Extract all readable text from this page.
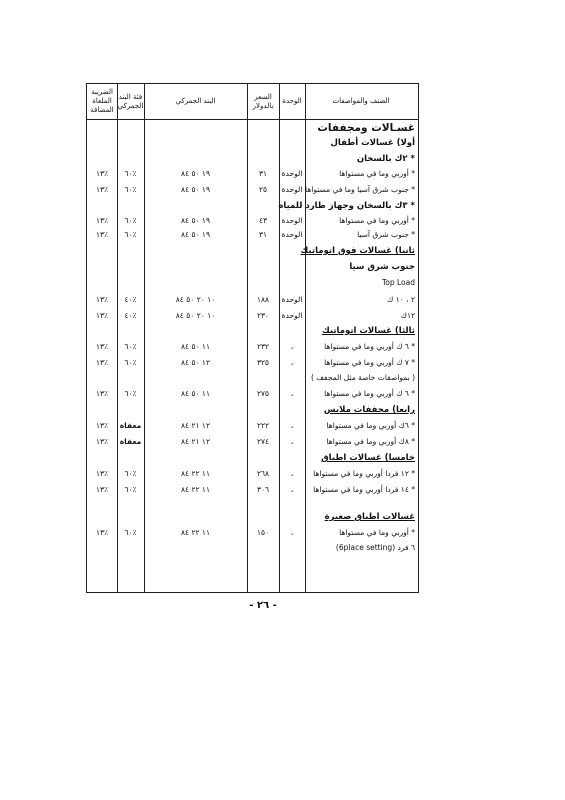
الضريبة الملغاة المضافة
فئة البند الجمركي
البند الجمركي
السعر بالدولار
الوحدة	الصنف والمواصفات
غسـالات ومجففات
أولا) غسالات أطفال
* ٢ك بالسخان
* أوربي وما في مستواها
الوحدة
٣١
١٩ ٥٠ ٨٤
٪٦٠
٪١٣
* جنوب شرق آسيا وما في مستواها
الوحدة
٢٥
١٩ ٥٠ ٨٤
٪٦٠
٪١٣
* ٣ك بالسخان وجهاز طارد للمياه
* أوربي وما في مستواها
الوحدة
٤٣
١٩ ٥٠ ٨٤
٪٦٠
٪١٣
* جنوب شرق آسيا
الوحدة
٣١
١٩ ٥٠ ٨٤
٪٦٠
٪١٣
ثانيا) غسالات فوق اتوماتيك
جنوب شرق سيا
Top Load
٢ ، ١٠ ك
الوحدة
١٨٨
١٠ ٢٠ ٥٠ ٨٤
٪٤٠
٪١٣
١٢ك
الوحدة
٢٣٠
١٠ ٢٠ ٥٠ ٨٤
٪٤٠
٪١٣
ثالثا) غسالات اتوماتيك
* ٦ ك أوربي وما في مستواها
،
٢٣٢
١١ ٥٠ ٨٤
٪٦٠
٪١٣
* ٧ ك أوربي وما في مستواها
،
٣٢٥
١٢ ٥٠ ٨٤
٪٦٠
٪١٣
( بمواصفات خاصة مثل المجفف )
* ٦ ك أوربي وما في مستواها
،
٢٧٥
١١ ٥٠ ٨٤
٪٦٠
٪١٣
رابعا) مجففات ملابس
* ٦ك أوربي وما في مستواها
،
٢٢٢
١٢ ٢١ ٨٤
معفاة
٪١٣
* ٨ك أوربي وما في مستواها
،
٢٧٤
١٢ ٢١ ٨٤
معفاة
٪١٣
خامسا) غسالات اطباق
* ١٢ فردا أوربي وما في مستواها
،
٢٦٨
١١ ٢٢ ٨٤
٪٦٠
٪١٣
* ١٤ فردا أوربي وما في مستواها
،
٣٠٦
١١ ٢٢ ٨٤
٪٦٠
٪١٣
غسالات اطباق صغيرة
* أوربي وما في مستواها
،
١٥٠
١١ ٢٢ ٨٤
٪٦٠
٪١٣
٦ فرد (6place setting)
- ٢٦ -
